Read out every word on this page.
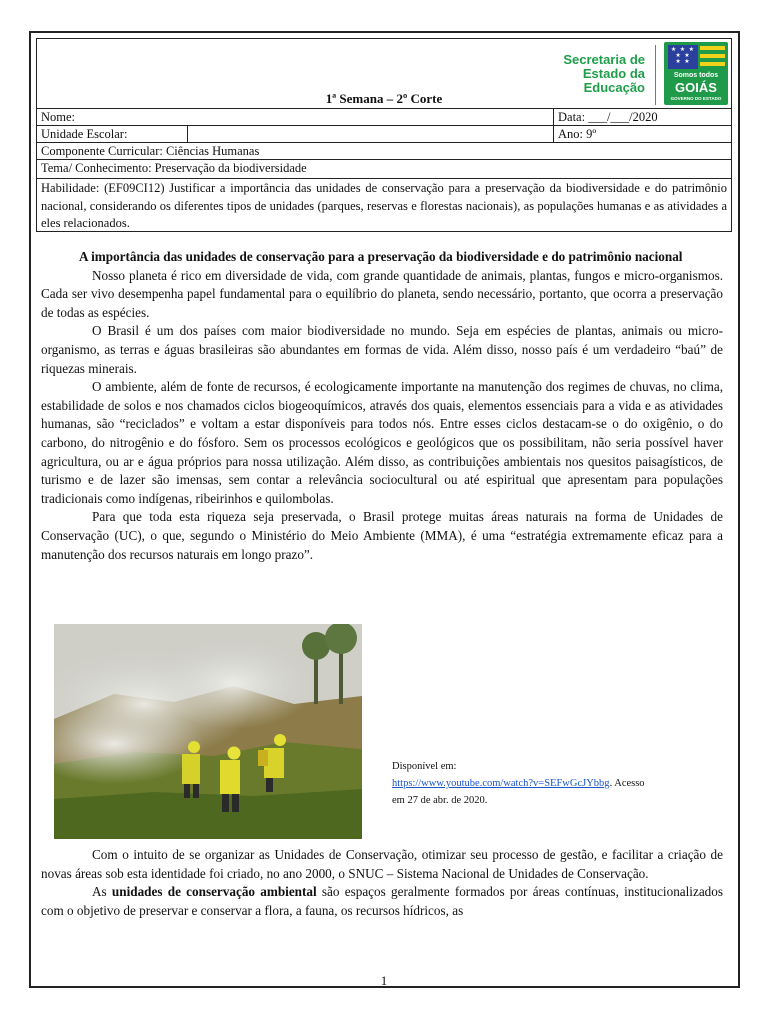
Secretaria de
Estado da
Educação
★ ★ ★
★ ★
★ ★
Somos todos
GOIÁS
GOVERNO DO ESTADO
1ª Semana – 2º Corte
Nome:	Data: ___/___/2020
Unidade Escolar:	Ano: 9º
Componente Curricular: Ciências Humanas
Tema/ Conhecimento: Preservação da biodiversidade
Habilidade: (EF09CI12) Justificar a importância das unidades de conservação para a preservação da biodiversidade e do patrimônio nacional, considerando os diferentes tipos de unidades (parques, reservas e florestas nacionais), as populações humanas e as atividades a eles relacionados.

A importância das unidades de conservação para a preservação da biodiversidade e do patrimônio nacional

Nosso planeta é rico em diversidade de vida, com grande quantidade de animais, plantas, fungos e micro-organismos. Cada ser vivo desempenha papel fundamental para o equilíbrio do planeta, sendo necessário, portanto, que ocorra a preservação de todas as espécies.

O Brasil é um dos países com maior biodiversidade no mundo. Seja em espécies de plantas, animais ou micro-organismo, as terras e águas brasileiras são abundantes em formas de vida. Além disso, nosso país é um verdadeiro “baú” de riquezas minerais.

O ambiente, além de fonte de recursos, é ecologicamente importante na manutenção dos regimes de chuvas, no clima, estabilidade de solos e nos chamados ciclos biogeoquímicos, através dos quais, elementos essenciais para a vida e as atividades humanas, são “reciclados” e voltam a estar disponíveis para todos nós. Entre esses ciclos destacam-se o do oxigênio, o do carbono, do nitrogênio e do fósforo. Sem os processos ecológicos e geológicos que os possibilitam, não seria possível haver agricultura, ou ar e água próprios para nossa utilização. Além disso, as contribuições ambientais nos quesitos paisagísticos, de turismo e de lazer são imensas, sem contar a relevância sociocultural ou até espiritual que apresentam para populações tradicionais como indígenas, ribeirinhos e quilombolas.

Para que toda esta riqueza seja preservada, o Brasil protege muitas áreas naturais na forma de Unidades de Conservação (UC), o que, segundo o Ministério do Meio Ambiente (MMA), é uma “estratégia extremamente eficaz para a manutenção dos recursos naturais em longo prazo”.

Disponível em:
https://www.youtube.com/watch?v=SEFwGcJYbbg. Acesso
em 27 de abr. de 2020.

Com o intuito de se organizar as Unidades de Conservação, otimizar seu processo de gestão, e facilitar a criação de novas áreas sob esta identidade foi criado, no ano 2000, o SNUC – Sistema Nacional de Unidades de Conservação.

As unidades de conservação ambiental são espaços geralmente formados por áreas contínuas, institucionalizados com o objetivo de preservar e conservar a flora, a fauna, os recursos hídricos, as

1
